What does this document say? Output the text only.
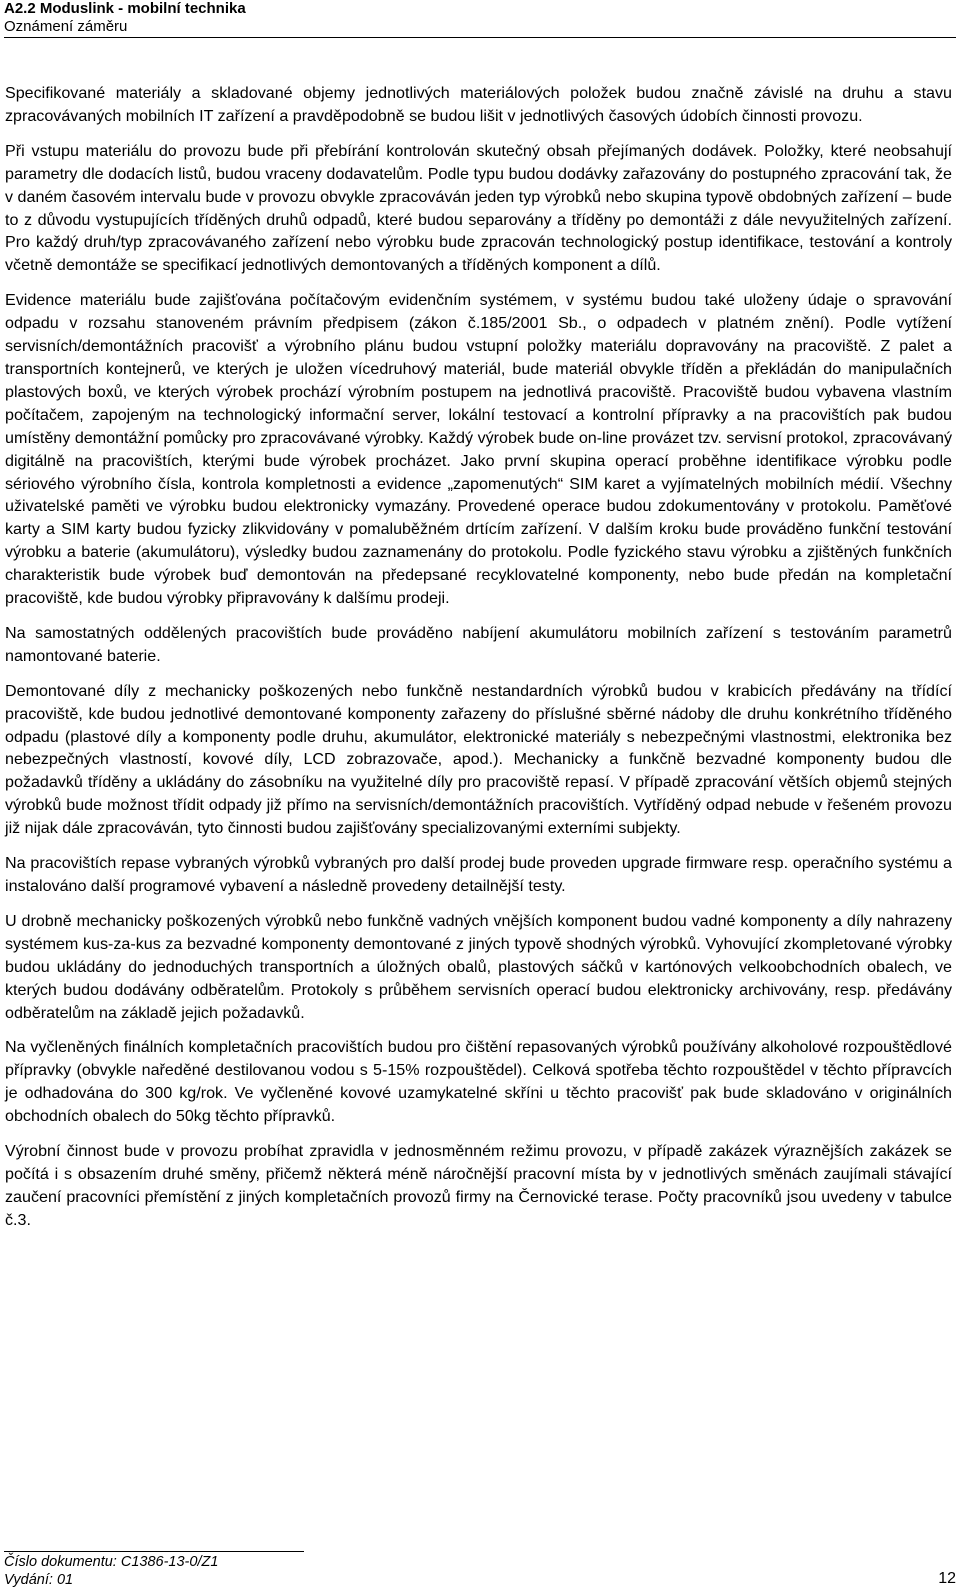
A2.2 Moduslink - mobilní technika

Oznámení záměru

Specifikované materiály a skladované objemy jednotlivých materiálových položek budou značně závislé na druhu a stavu zpracovávaných mobilních IT zařízení a pravděpodobně se budou lišit v jednotlivých časových údobích činnosti provozu.

Při vstupu materiálu do provozu bude při přebírání kontrolován skutečný obsah přejímaných dodávek. Položky, které neobsahují parametry dle dodacích listů, budou vraceny dodavatelům. Podle typu budou dodávky zařazovány do postupného zpracování tak, že v daném časovém intervalu bude v provozu obvykle zpracováván jeden typ výrobků nebo skupina typově obdobných zařízení – bude to z důvodu vystupujících tříděných druhů odpadů, které budou separovány a tříděny po demontáži z dále nevyužitelných zařízení. Pro každý druh/typ zpracovávaného zařízení nebo výrobku bude zpracován technologický postup identifikace, testování a kontroly včetně demontáže se specifikací jednotlivých demontovaných a tříděných komponent a dílů.

Evidence materiálu bude zajišťována počítačovým evidenčním systémem, v systému budou také uloženy údaje o spravování odpadu v rozsahu stanoveném právním předpisem (zákon č.185/2001 Sb., o odpadech v platném znění). Podle vytížení servisních/demontážních pracovišť a výrobního plánu budou vstupní položky materiálu dopravovány na pracoviště. Z palet a transportních kontejnerů, ve kterých je uložen vícedruhový materiál, bude materiál obvykle tříděn a překládán do manipulačních plastových boxů, ve kterých výrobek prochází výrobním postupem na jednotlivá pracoviště. Pracoviště budou vybavena vlastním počítačem, zapojeným na technologický informační server, lokální testovací a kontrolní přípravky a na pracovištích pak budou umístěny demontážní pomůcky pro zpracovávané výrobky. Každý výrobek bude on-line provázet tzv. servisní protokol, zpracovávaný digitálně na pracovištích, kterými bude výrobek procházet. Jako první skupina operací proběhne identifikace výrobku podle sériového výrobního čísla, kontrola kompletnosti a evidence „zapomenutých“ SIM karet a vyjímatelných mobilních médií. Všechny uživatelské paměti ve výrobku budou elektronicky vymazány. Provedené operace budou zdokumentovány v protokolu. Paměťové karty a SIM karty budou fyzicky zlikvidovány v pomaluběžném drtícím zařízení. V dalším kroku bude prováděno funkční testování výrobku a baterie (akumulátoru), výsledky budou zaznamenány do protokolu. Podle fyzického stavu výrobku a zjištěných funkčních charakteristik bude výrobek buď demontován na předepsané recyklovatelné komponenty, nebo bude předán na kompletační pracoviště, kde budou výrobky připravovány k dalšímu prodeji.

Na samostatných oddělených pracovištích bude prováděno nabíjení akumulátoru mobilních zařízení s testováním parametrů namontované baterie.

Demontované díly z mechanicky poškozených nebo funkčně nestandardních výrobků budou v krabicích předávány na třídící pracoviště, kde budou jednotlivé demontované komponenty zařazeny do příslušné sběrné nádoby dle druhu konkrétního tříděného odpadu (plastové díly a komponenty podle druhu, akumulátor, elektronické materiály s nebezpečnými vlastnostmi, elektronika bez nebezpečných vlastností, kovové díly, LCD zobrazovače, apod.). Mechanicky a funkčně bezvadné komponenty budou dle požadavků tříděny a ukládány do zásobníku na využitelné díly pro pracoviště repasí. V případě zpracování větších objemů stejných výrobků bude možnost třídit odpady již přímo na servisních/demontážních pracovištích. Vytříděný odpad nebude v řešeném provozu již nijak dále zpracováván, tyto činnosti budou zajišťovány specializovanými externími subjekty.

Na pracovištích repase vybraných výrobků vybraných pro další prodej bude proveden upgrade firmware resp. operačního systému a instalováno další programové vybavení a následně provedeny detailnější testy.

U drobně mechanicky poškozených výrobků nebo funkčně vadných vnějších komponent budou vadné komponenty a díly nahrazeny systémem kus-za-kus za bezvadné komponenty demontované z jiných typově shodných výrobků. Vyhovující zkompletované výrobky budou ukládány do jednoduchých transportních a úložných obalů, plastových sáčků v kartónových velkoobchodních obalech, ve kterých budou dodávány odběratelům. Protokoly s průběhem servisních operací budou elektronicky archivovány, resp. předávány odběratelům na základě jejich požadavků.

Na vyčleněných finálních kompletačních pracovištích budou pro čištění repasovaných výrobků používány alkoholové rozpouštědlové přípravky (obvykle naředěné destilovanou vodou s 5-15% rozpouštědel). Celková spotřeba těchto rozpouštědel v těchto přípravcích je odhadována do 300 kg/rok. Ve vyčleněné kovové uzamykatelné skříni u těchto pracovišť pak bude skladováno v originálních obchodních obalech do 50kg těchto přípravků.

Výrobní činnost bude v provozu probíhat zpravidla v jednosměnném režimu provozu, v případě zakázek výraznějších zakázek se počítá i s obsazením druhé směny, přičemž některá méně náročnější pracovní místa by v jednotlivých směnách zaujímali stávající zaučení pracovníci přemístění z jiných kompletačních provozů firmy na Černovické terase. Počty pracovníků jsou uvedeny v tabulce č.3.

Číslo dokumentu: C1386-13-0/Z1
Vydání: 01	12
